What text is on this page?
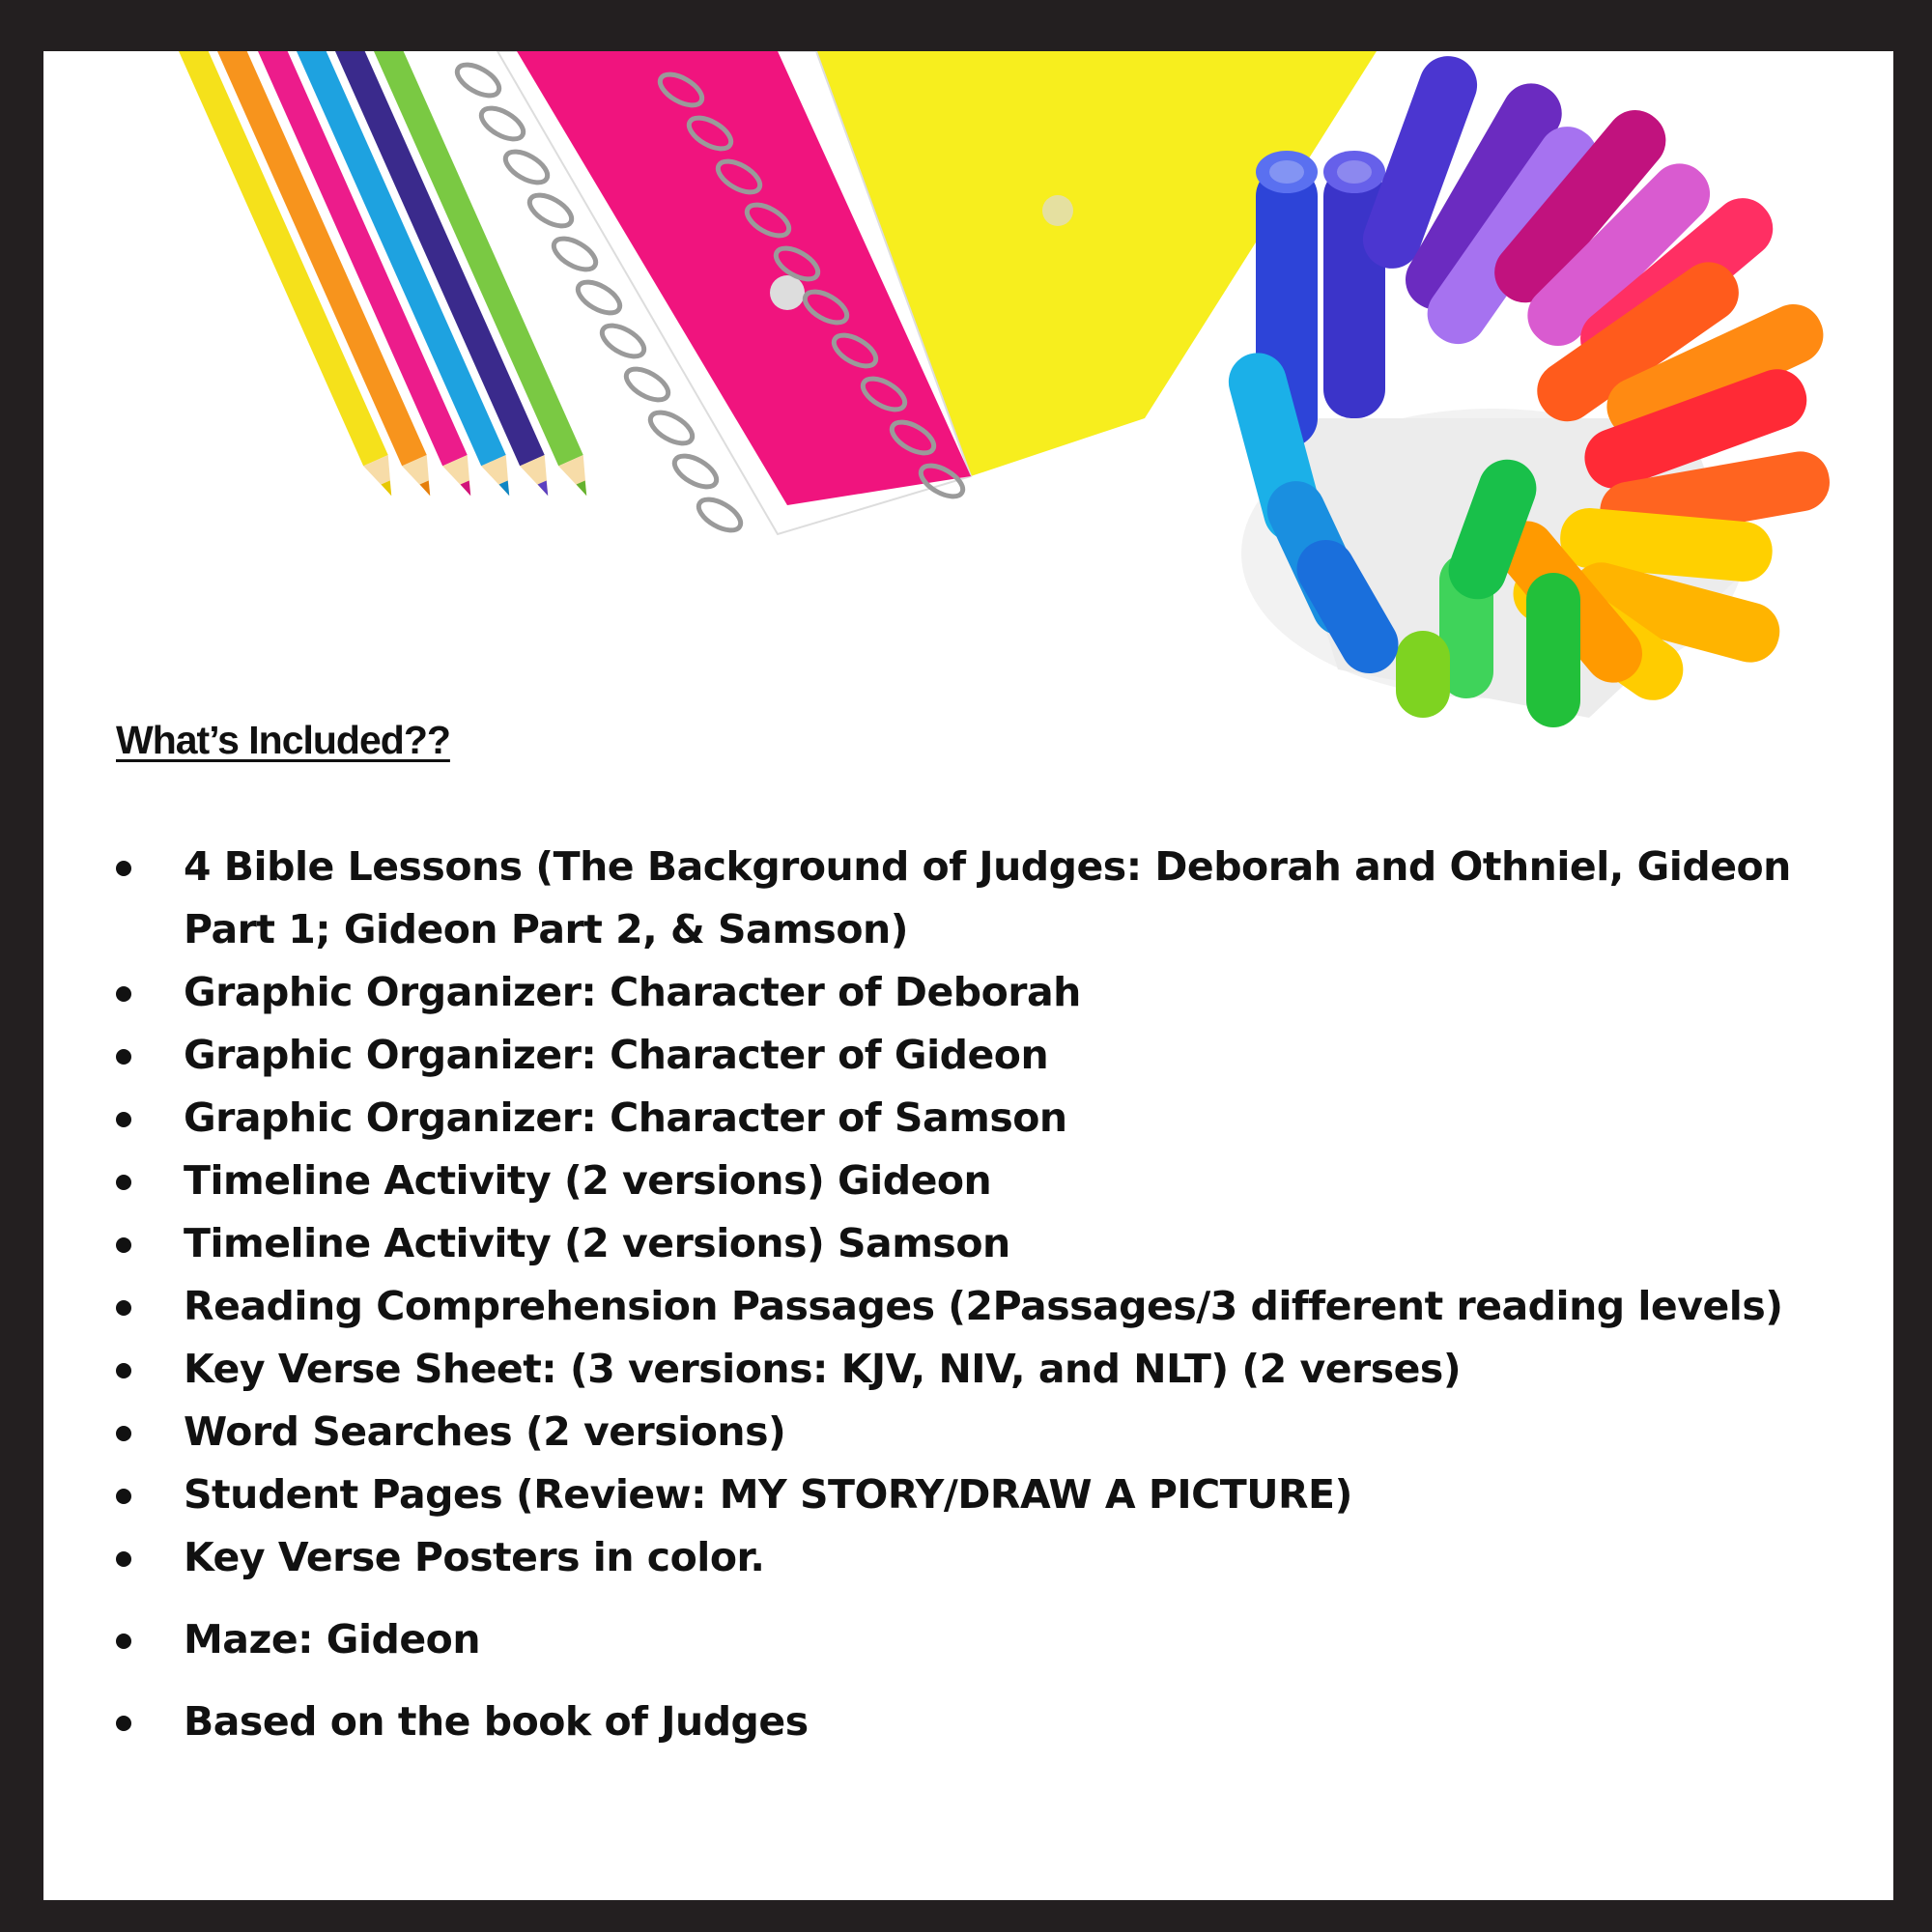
What’s Included??
4 Bible Lessons (The Background of Judges: Deborah and Othniel, Gideon Part 1; Gideon Part 2, & Samson)
Graphic Organizer: Character of Deborah
Graphic Organizer: Character of Gideon
Graphic Organizer: Character of Samson
Timeline Activity (2 versions) Gideon
Timeline Activity (2 versions) Samson
Reading Comprehension Passages (2Passages/3 different reading levels)
Key Verse Sheet: (3 versions: KJV, NIV, and NLT) (2 verses)
Word Searches (2 versions)
Student Pages (Review: MY STORY/DRAW A PICTURE)
Key Verse Posters in color.
Maze: Gideon
Based on the book of Judges
